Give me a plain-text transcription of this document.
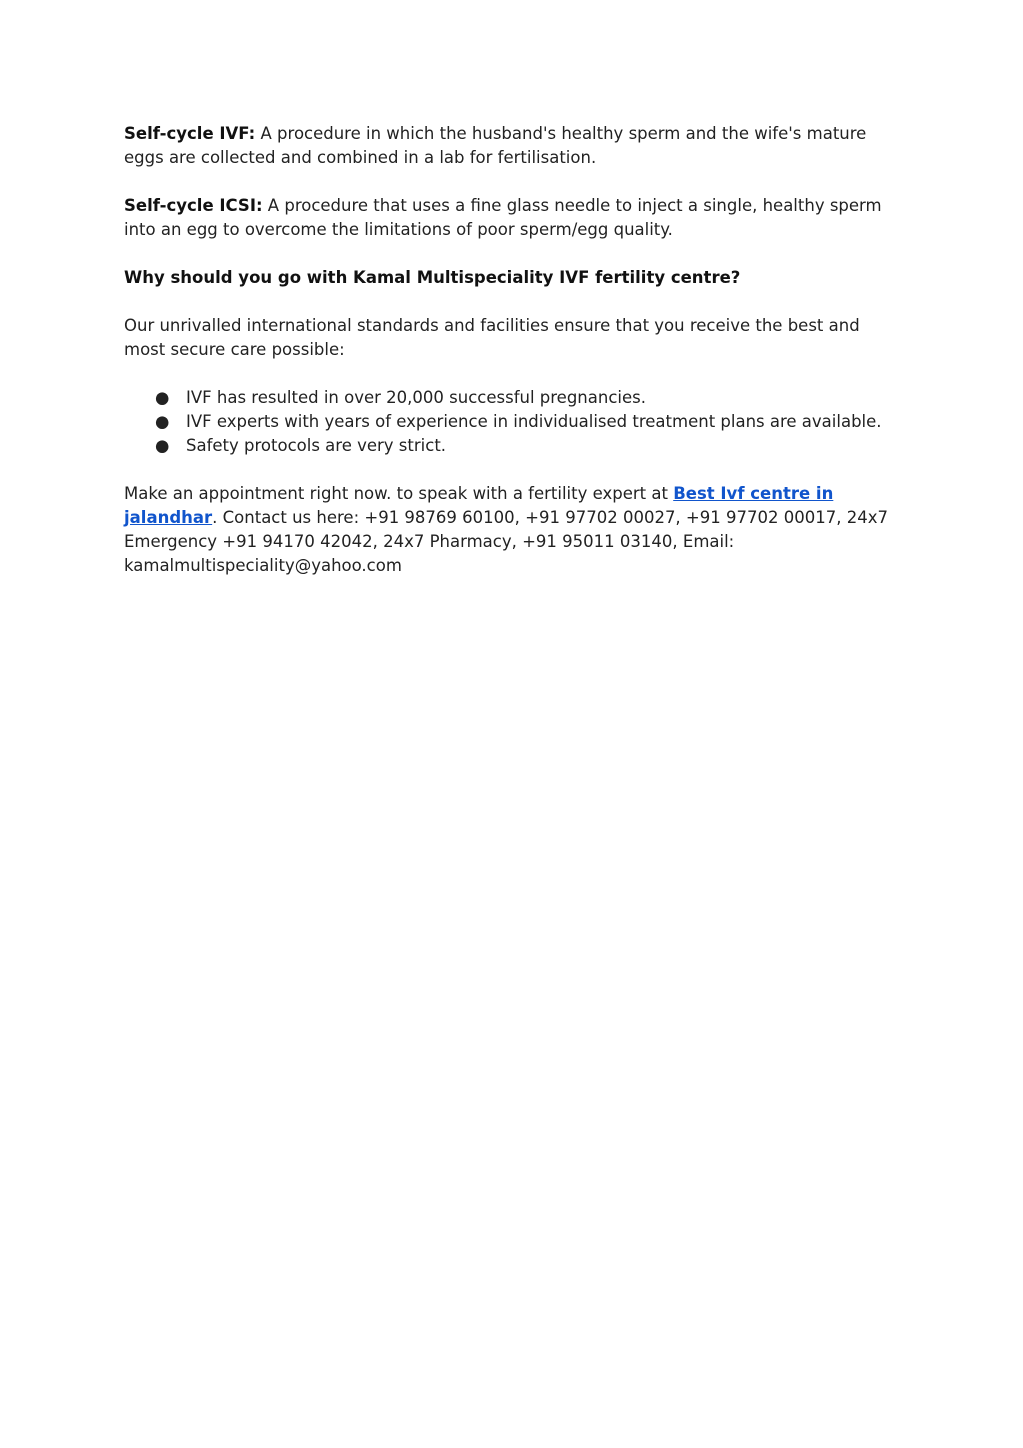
Self-cycle IVF: A procedure in which the husband's healthy sperm and the wife's mature eggs are collected and combined in a lab for fertilisation.

Self-cycle ICSI: A procedure that uses a fine glass needle to inject a single, healthy sperm into an egg to overcome the limitations of poor sperm/egg quality.

Why should you go with Kamal Multispeciality IVF fertility centre?

Our unrivalled international standards and facilities ensure that you receive the best and most secure care possible:

● IVF has resulted in over 20,000 successful pregnancies.
● IVF experts with years of experience in individualised treatment plans are available.
● Safety protocols are very strict.

Make an appointment right now. to speak with a fertility expert at Best Ivf centre in jalandhar. Contact us here: +91 98769 60100, +91 97702 00027, +91 97702 00017, 24x7 Emergency +91 94170 42042, 24x7 Pharmacy, +91 95011 03140, Email: kamalmultispeciality@yahoo.com
